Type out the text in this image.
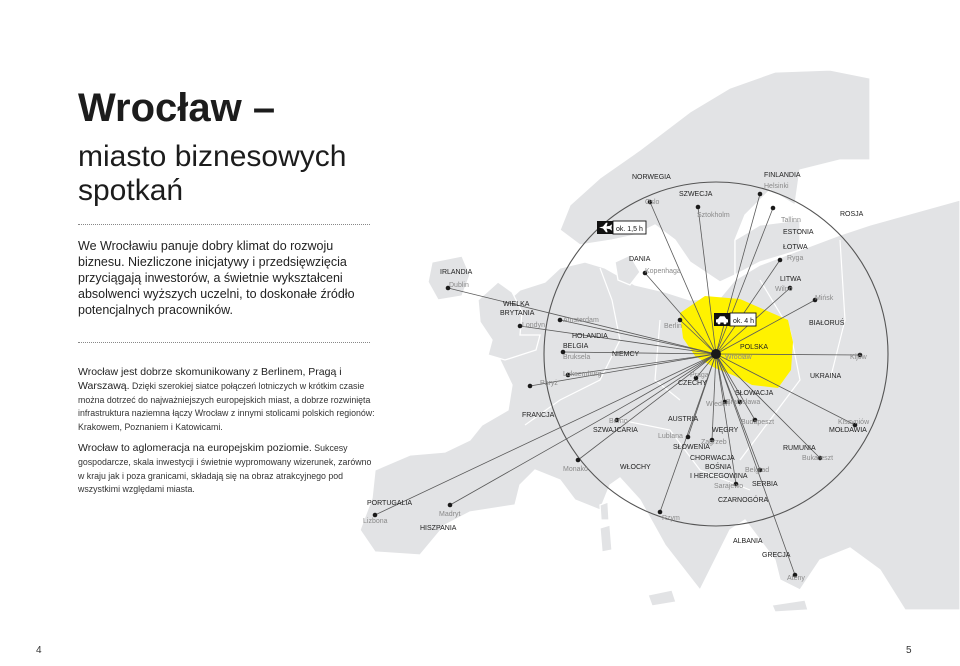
NORWEGIA
SZWECJA
FINLANDIA
ROSJA
ESTONIA
ŁOTWA
LITWA
BIAŁORUŚ
DANIA
IRLANDIA
WIELKA
BRYTANIA
HOLANDIA
BELGIA
NIEMCY
POLSKA
UKRAINA
CZECHY
SŁOWACJA
AUSTRIA
WĘGRY	MOŁDAWIA
FRANCJA
SZWAJCARIA
SŁOWENIA
CHORWACJA
RUMUNIA
BOŚNIA
I HERCEGOWINA
SERBIA
CZARNOGÓRA
WŁOCHY
PORTUGALIA
HISZPANIA
ALBANIA
GRECJA
Oslo
Sztokholm
Helsinki
Tallinn
Ryga
Wilno
Mińsk
Kopenhaga
Dublin
Londyn
Amsterdam
Bruksela
Berlin
Wrocław	Kijów
Luksemburg
Paryż
Praga
Bratysława
Wiedeń
Budapeszt	Kiszyniów
Berno
Lublana
Zagrzeb
Bukareszt
Belgrad
Sarajewo
Monako
Madryt
Lizbona	Rzym
Ateny
ok. 1,5 h
ok. 4 h
Wrocław –
miasto biznesowych
spotkań

We Wrocławiu panuje dobry klimat do rozwoju biznesu. Niezliczone inicjatywy i przedsięwzięcia przyciągają inwestorów, a świetnie wykształceni absolwenci wyższych uczelni, to doskonałe źródło potencjalnych pracowników.

Wrocław jest dobrze skomunikowany z Berlinem, Pragą i Warszawą. Dzięki szerokiej siatce połączeń lotniczych w krótkim czasie można dotrzeć do najważniejszych europejskich miast, a dobrze rozwinięta infrastruktura naziemna łączy Wrocław z innymi stolicami polskich regionów: Krakowem, Poznaniem i Katowicami.

Wrocław to aglomeracja na europejskim poziomie. Sukcesy gospodarcze, skala inwestycji i świetnie wypromowany wizerunek, zarówno w kraju jak i poza granicami, składają się na obraz atrakcyjnego pod wszystkimi względami miasta.

4	5
